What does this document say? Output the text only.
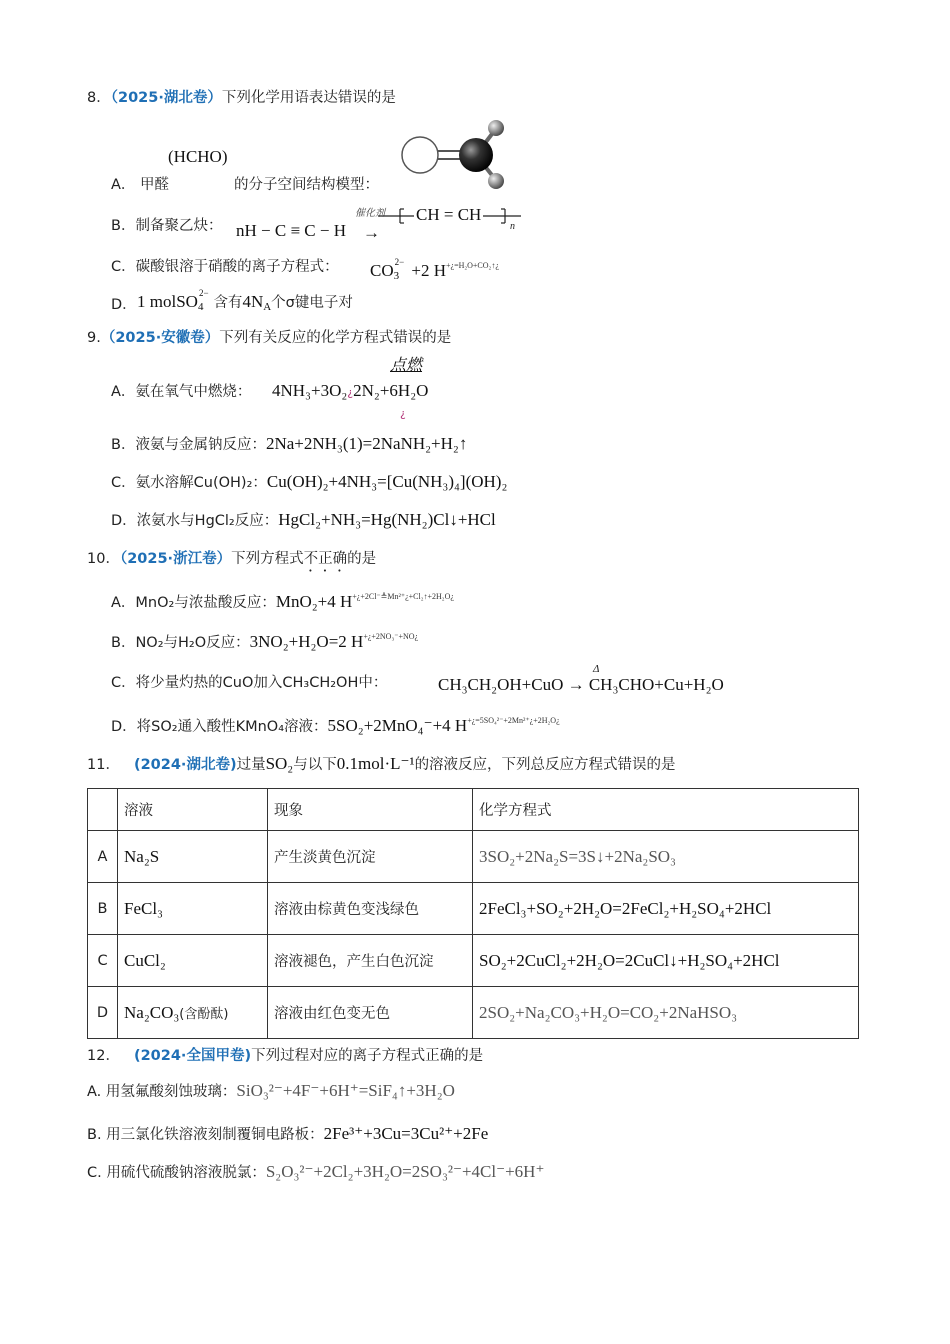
8．（2025·湖北卷）下列化学用语表达错误的是
(HCHO)
A． 甲醛	的分子空间结构模型：
B．制备聚乙炔： nH − C ≡ C − H
催化剂
→
CH = CH
n
C．碳酸银溶于硝酸的离子方程式： $CO_3$
2− +2 $H^{+¿=H_2O+CO_2↑¿}$
D． 1 molSO$_4$
2−
含有$4N_A$个σ键电子对
9.（2025·安徽卷）下列有关反应的化学方程式错误的是
点燃
A．氨在氧气中燃烧： 4NH₃+3O₂¿2N₂+6H₂O
¿
B．液氨与金属钠反应：2Na+2NH₃(1)=2NaNH₂+H₂↑
C．氨水溶解Cu(OH)₂：Cu(OH)₂+4NH₃=[Cu(NH₃)₄](OH)₂
D．浓氨水与HgCl₂反应：HgCl₂+NH₃=Hg(NH₂)Cl↓+HCl
10．（2025·浙江卷）下列方程式不正确的是
A．MnO₂与浓盐酸反应：MnO₂+4 $H^{+¿+2Cl^-≜Mn^{2+}¿+Cl_2↑+2H_2O¿}$
B．NO₂与H₂O反应：3NO₂+H₂O=2 $H^{+¿+2NO_3^-+NO¿}$
Δ
C．将少量灼热的CuO加入CH₃CH₂OH中：	CH₃CH₂OH+CuO → CH₃CHO+Cu+H₂O
D．将SO₂通入酸性KMnO₄溶液：5SO₂+2MnO₄⁻+4 $H^{+¿=5SO_4^{2-}+2Mn^{2+}¿+2H_2O¿}$
11． (2024·湖北卷)过量SO₂与以下0.1mol·L⁻¹的溶液反应，下列总反应方程式错误的是
	溶液	现象	化学方程式
A	Na₂S	产生淡黄色沉淀	3SO₂+2Na₂S=3S↓+2Na₂SO₃
B	FeCl₃	溶液由棕黄色变浅绿色	2FeCl₃+SO₂+2H₂O=2FeCl₂+H₂SO₄+2HCl
C	CuCl₂	溶液褪色，产生白色沉淀	SO₂+2CuCl₂+2H₂O=2CuCl↓+H₂SO₄+2HCl
D	Na₂CO₃(含酚酞)	溶液由红色变无色	2SO₂+Na₂CO₃+H₂O=CO₂+2NaHSO₃
12． (2024·全国甲卷)下列过程对应的离子方程式正确的是
A. 用氢氟酸刻蚀玻璃：SiO₃²⁻+4F⁻+6H⁺=SiF₄↑+3H₂O
B. 用三氯化铁溶液刻制覆铜电路板：2Fe³⁺+3Cu=3Cu²⁺+2Fe
C. 用硫代硫酸钠溶液脱氯：S₂O₃²⁻+2Cl₂+3H₂O=2SO₃²⁻+4Cl⁻+6H⁺
